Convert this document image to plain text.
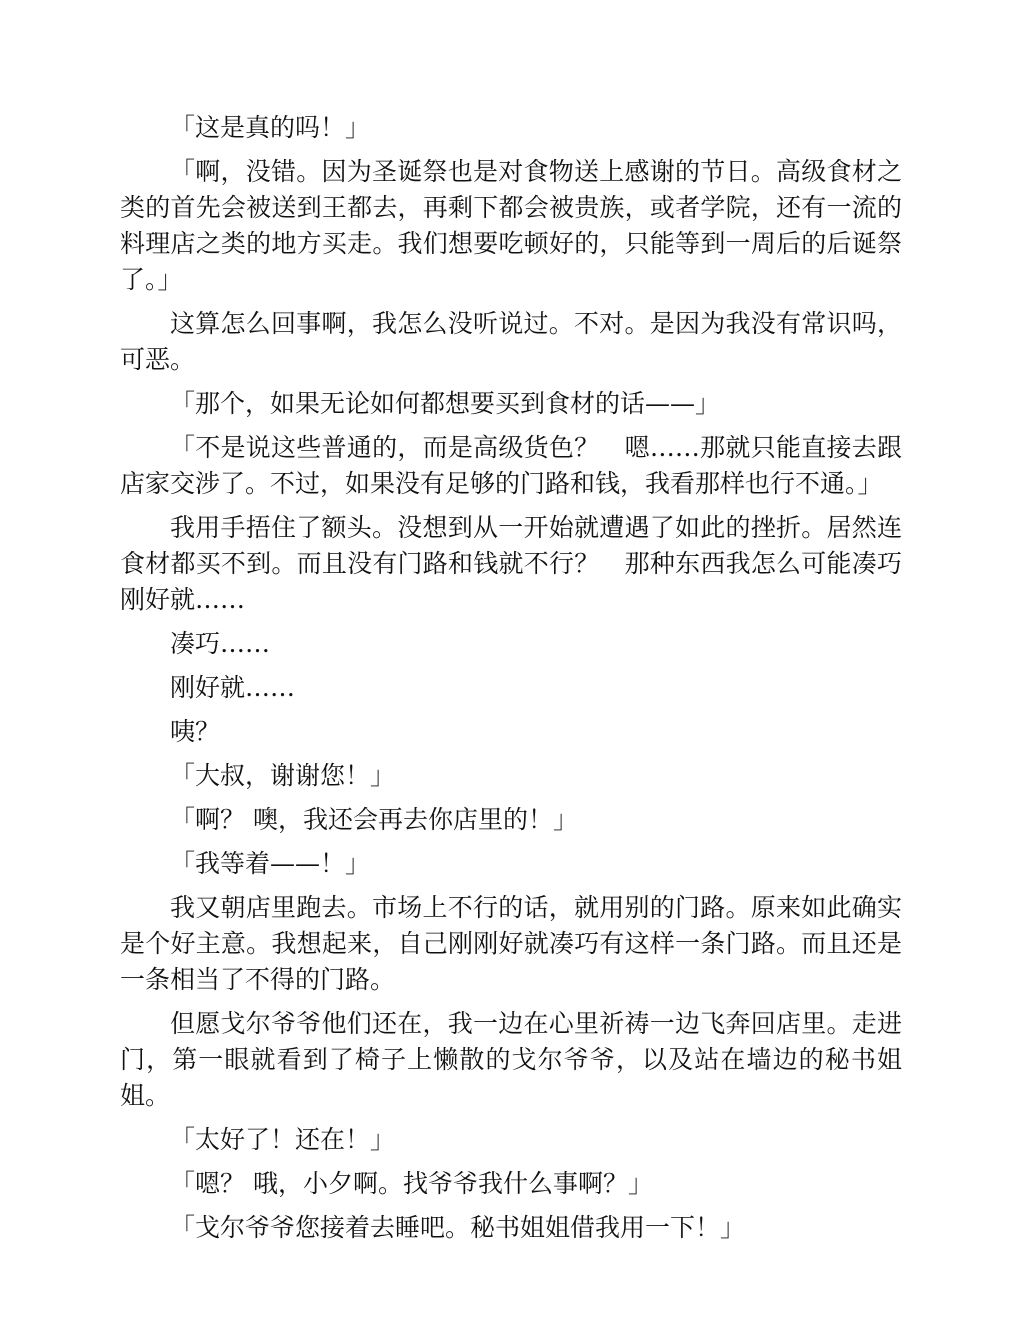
「这是真的吗！」

「啊，没错。因为圣诞祭也是对食物送上感谢的节日。高级食材之类的首先会被送到王都去，再剩下都会被贵族，或者学院，还有一流的料理店之类的地方买走。我们想要吃顿好的，只能等到一周后的后诞祭了。」

这算怎么回事啊，我怎么没听说过。不对。是因为我没有常识吗，可恶。

「那个，如果无论如何都想要买到食材的话——」

「不是说这些普通的，而是高级货色？　嗯……那就只能直接去跟店家交涉了。不过，如果没有足够的门路和钱，我看那样也行不通。」

我用手捂住了额头。没想到从一开始就遭遇了如此的挫折。居然连食材都买不到。而且没有门路和钱就不行？　那种东西我怎么可能凑巧刚好就……

凑巧……

刚好就……

咦？

「大叔，谢谢您！」

「啊？ 噢，我还会再去你店里的！」

「我等着——！」

我又朝店里跑去。市场上不行的话，就用别的门路。原来如此确实是个好主意。我想起来，自己刚刚好就凑巧有这样一条门路。而且还是一条相当了不得的门路。

但愿戈尔爷爷他们还在，我一边在心里祈祷一边飞奔回店里。走进门，第一眼就看到了椅子上懒散的戈尔爷爷，以及站在墙边的秘书姐姐。

「太好了！还在！」

「嗯？ 哦，小夕啊。找爷爷我什么事啊？」

「戈尔爷爷您接着去睡吧。秘书姐姐借我用一下！」
